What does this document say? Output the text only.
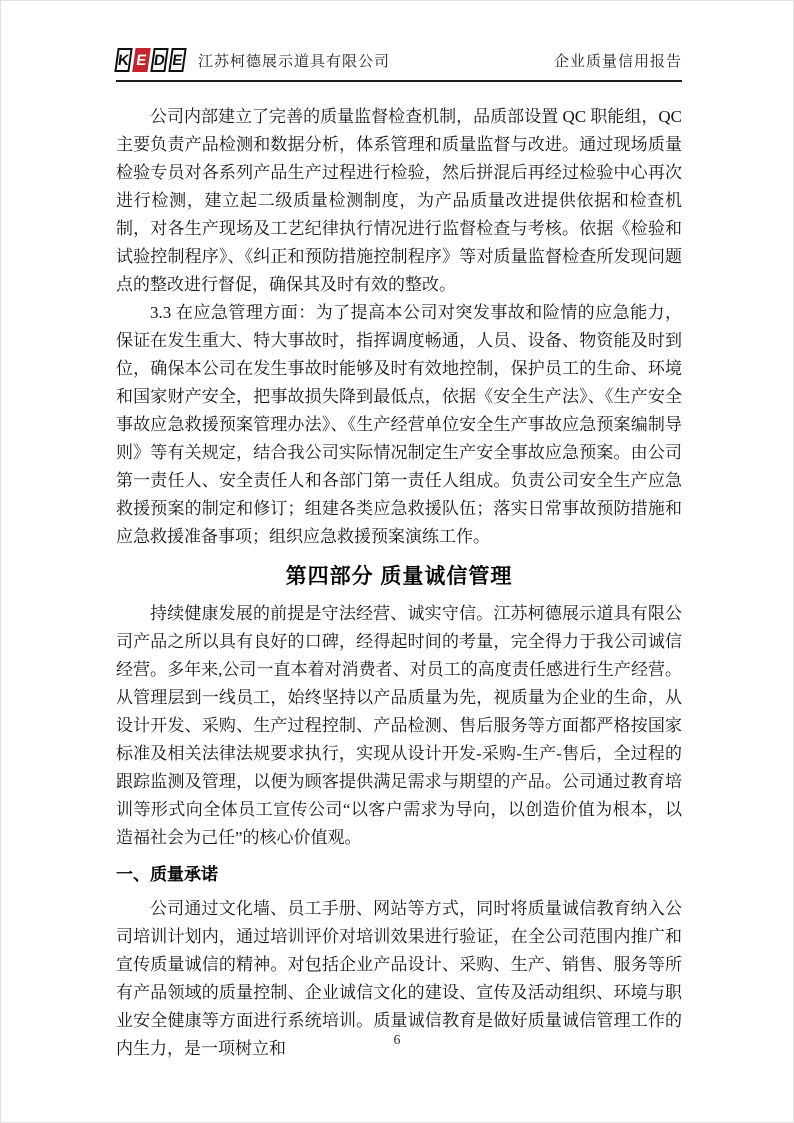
K E D E 江苏柯德展示道具有限公司	企业质量信用报告

公司内部建立了完善的质量监督检查机制，品质部设置 QC 职能组，QC 主要负责产品检测和数据分析，体系管理和质量监督与改进。通过现场质量检验专员对各系列产品生产过程进行检验，然后拼混后再经过检验中心再次进行检测，建立起二级质量检测制度，为产品质量改进提供依据和检查机制，对各生产现场及工艺纪律执行情况进行监督检查与考核。依据《检验和试验控制程序》、《纠正和预防措施控制程序》等对质量监督检查所发现问题点的整改进行督促，确保其及时有效的整改。

3.3 在应急管理方面：为了提高本公司对突发事故和险情的应急能力，保证在发生重大、特大事故时，指挥调度畅通，人员、设备、物资能及时到位，确保本公司在发生事故时能够及时有效地控制，保护员工的生命、环境和国家财产安全，把事故损失降到最低点，依据《安全生产法》、《生产安全事故应急救援预案管理办法》、《生产经营单位安全生产事故应急预案编制导则》等有关规定，结合我公司实际情况制定生产安全事故应急预案。由公司第一责任人、安全责任人和各部门第一责任人组成。负责公司安全生产应急救援预案的制定和修订；组建各类应急救援队伍；落实日常事故预防措施和应急救援准备事项；组织应急救援预案演练工作。

第四部分 质量诚信管理

持续健康发展的前提是守法经营、诚实守信。江苏柯德展示道具有限公司产品之所以具有良好的口碑，经得起时间的考量，完全得力于我公司诚信经营。多年来,公司一直本着对消费者、对员工的高度责任感进行生产经营。从管理层到一线员工，始终坚持以产品质量为先，视质量为企业的生命，从设计开发、采购、生产过程控制、产品检测、售后服务等方面都严格按国家标准及相关法律法规要求执行，实现从设计开发-采购-生产-售后，全过程的跟踪监测及管理，以便为顾客提供满足需求与期望的产品。公司通过教育培训等形式向全体员工宣传公司“以客户需求为导向，以创造价值为根本，以造福社会为己任”的核心价值观。

一、质量承诺

公司通过文化墙、员工手册、网站等方式，同时将质量诚信教育纳入公司培训计划内，通过培训评价对培训效果进行验证，在全公司范围内推广和宣传质量诚信的精神。对包括企业产品设计、采购、生产、销售、服务等所有产品领域的质量控制、企业诚信文化的建设、宣传及活动组织、环境与职业安全健康等方面进行系统培训。质量诚信教育是做好质量诚信管理工作的内生力，是一项树立和	6
